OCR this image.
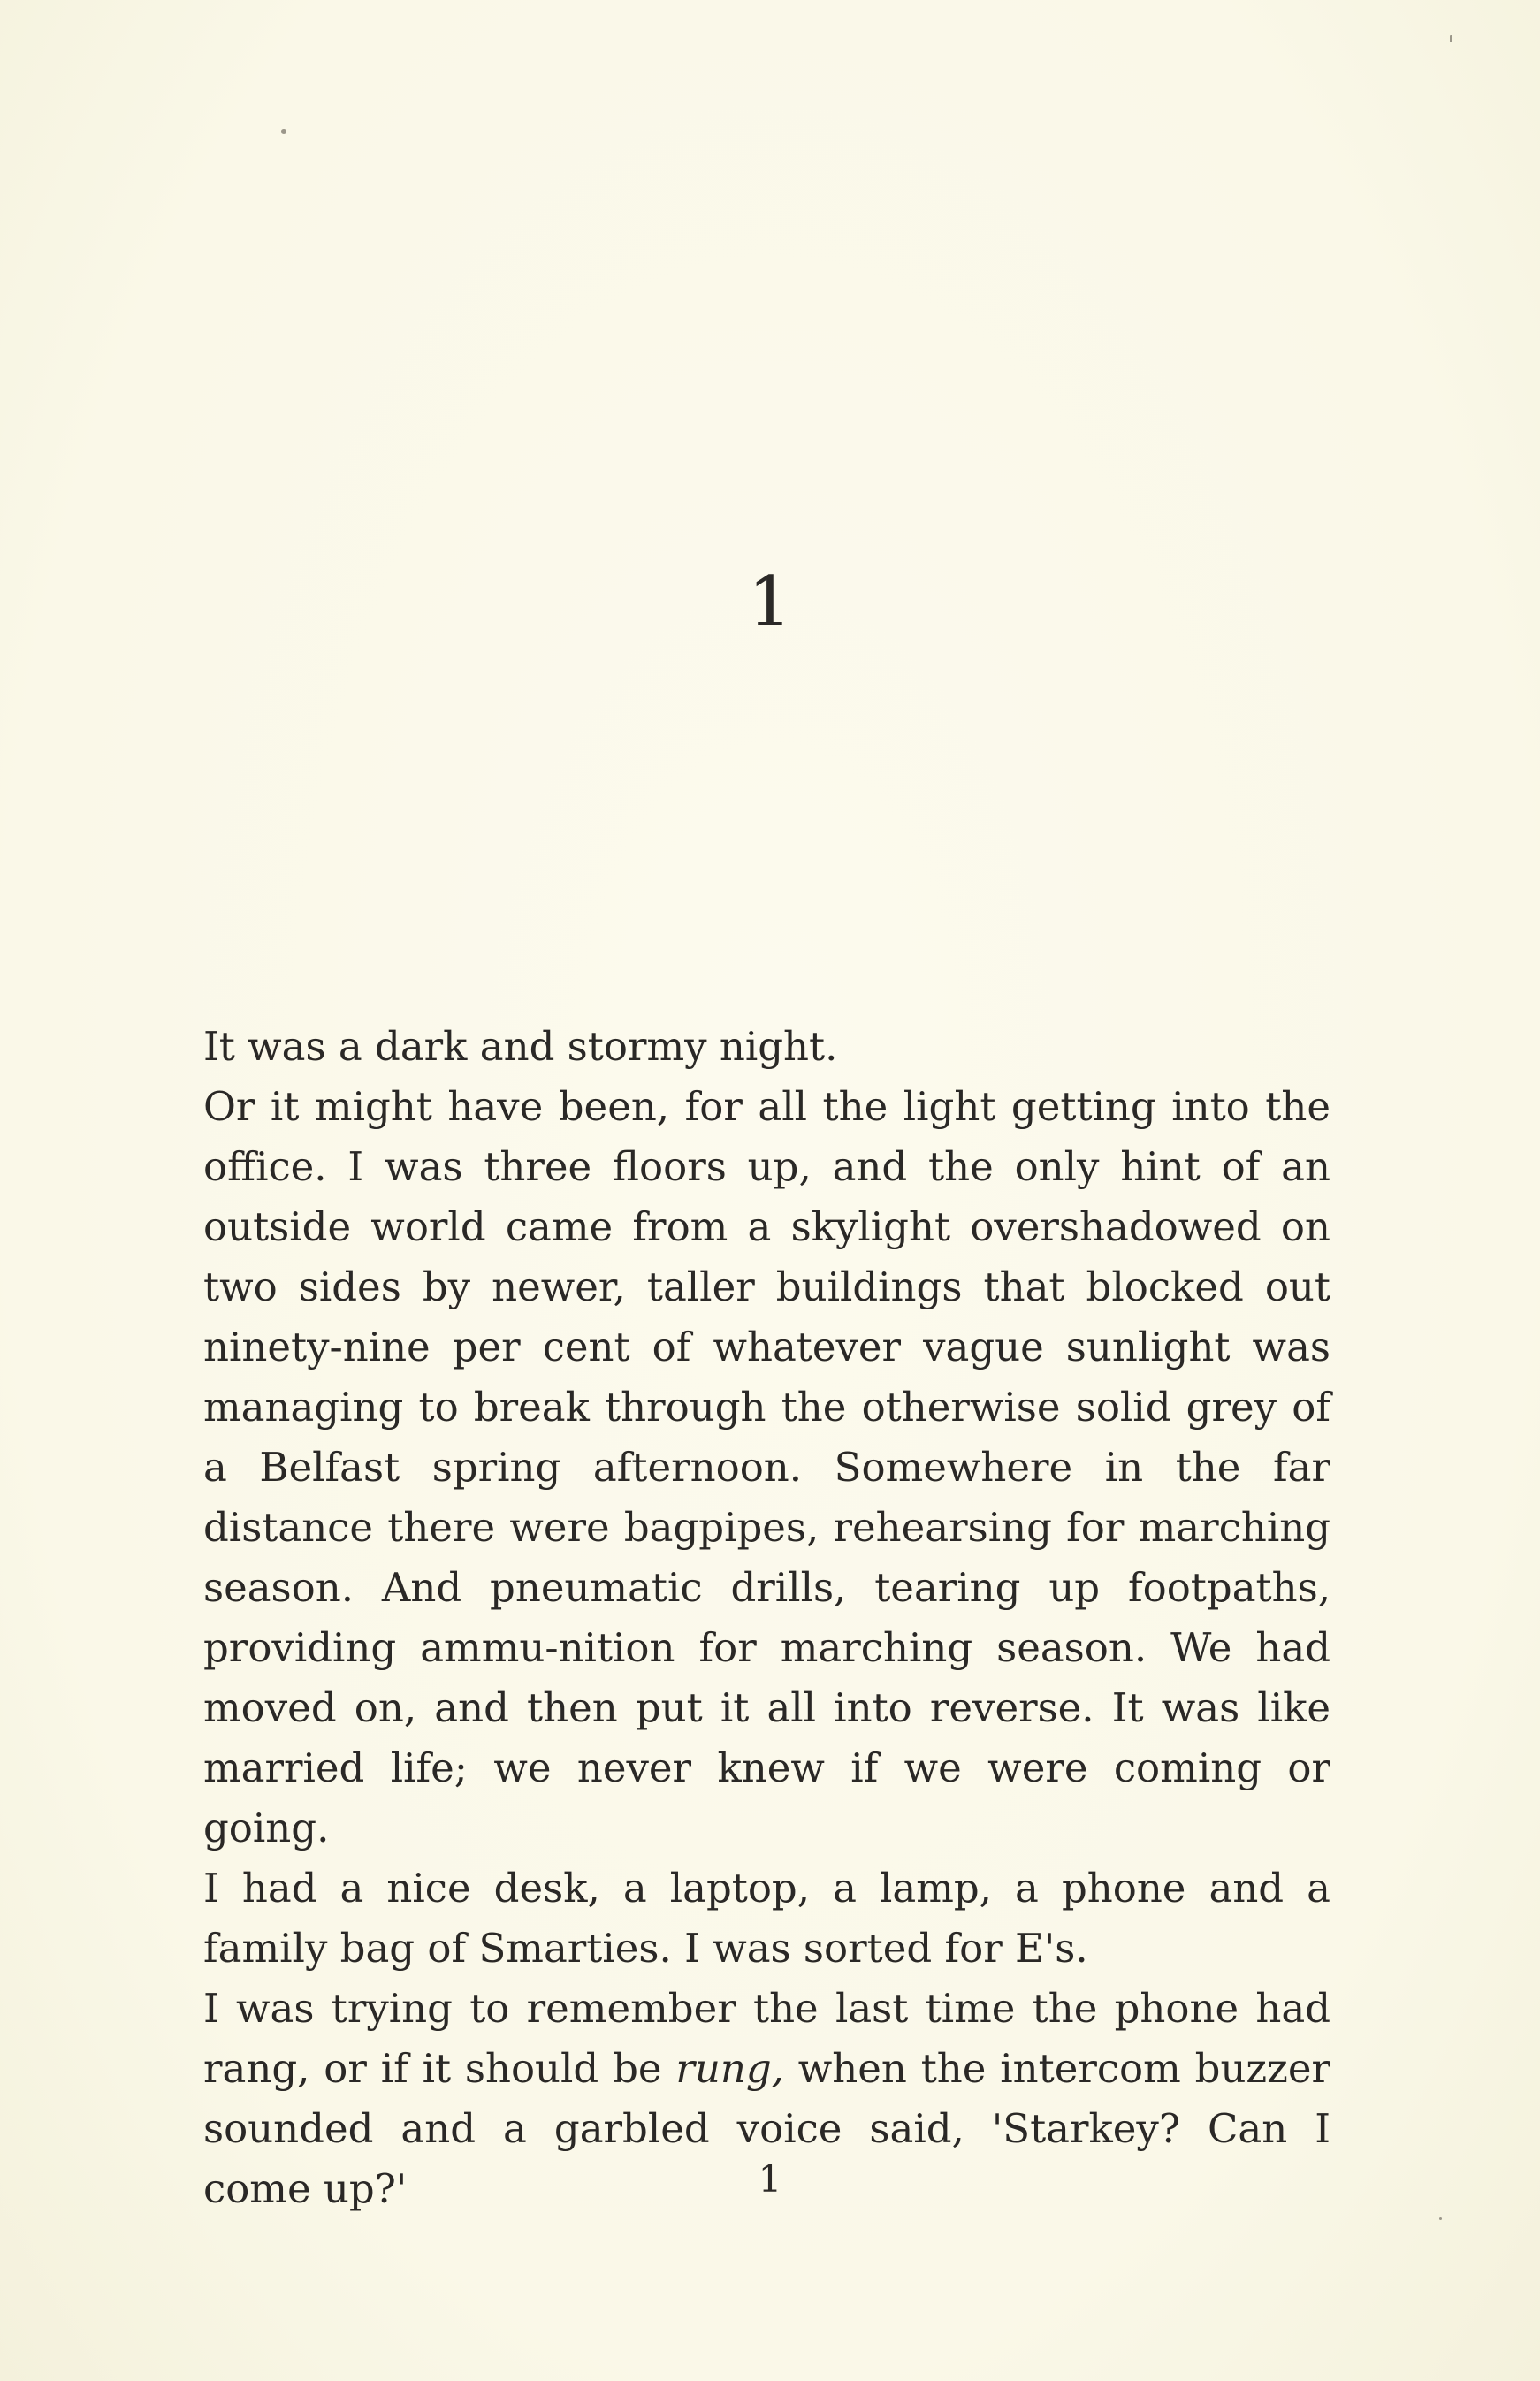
1

It was a dark and stormy night.

Or it might have been, for all the light getting into the office. I was three floors up, and the only hint of an outside world came from a skylight overshadowed on two sides by newer, taller buildings that blocked out ninety-nine per cent of whatever vague sunlight was managing to break through the otherwise solid grey of a Belfast spring afternoon. Somewhere in the far distance there were bagpipes, rehearsing for marching season. And pneumatic drills, tearing up footpaths, providing ammu-nition for marching season. We had moved on, and then put it all into reverse. It was like married life; we never knew if we were coming or going.

I had a nice desk, a laptop, a lamp, a phone and a family bag of Smarties. I was sorted for E's.

I was trying to remember the last time the phone had rang, or if it should be rung, when the intercom buzzer sounded and a garbled voice said, 'Starkey? Can I come up?'	1
